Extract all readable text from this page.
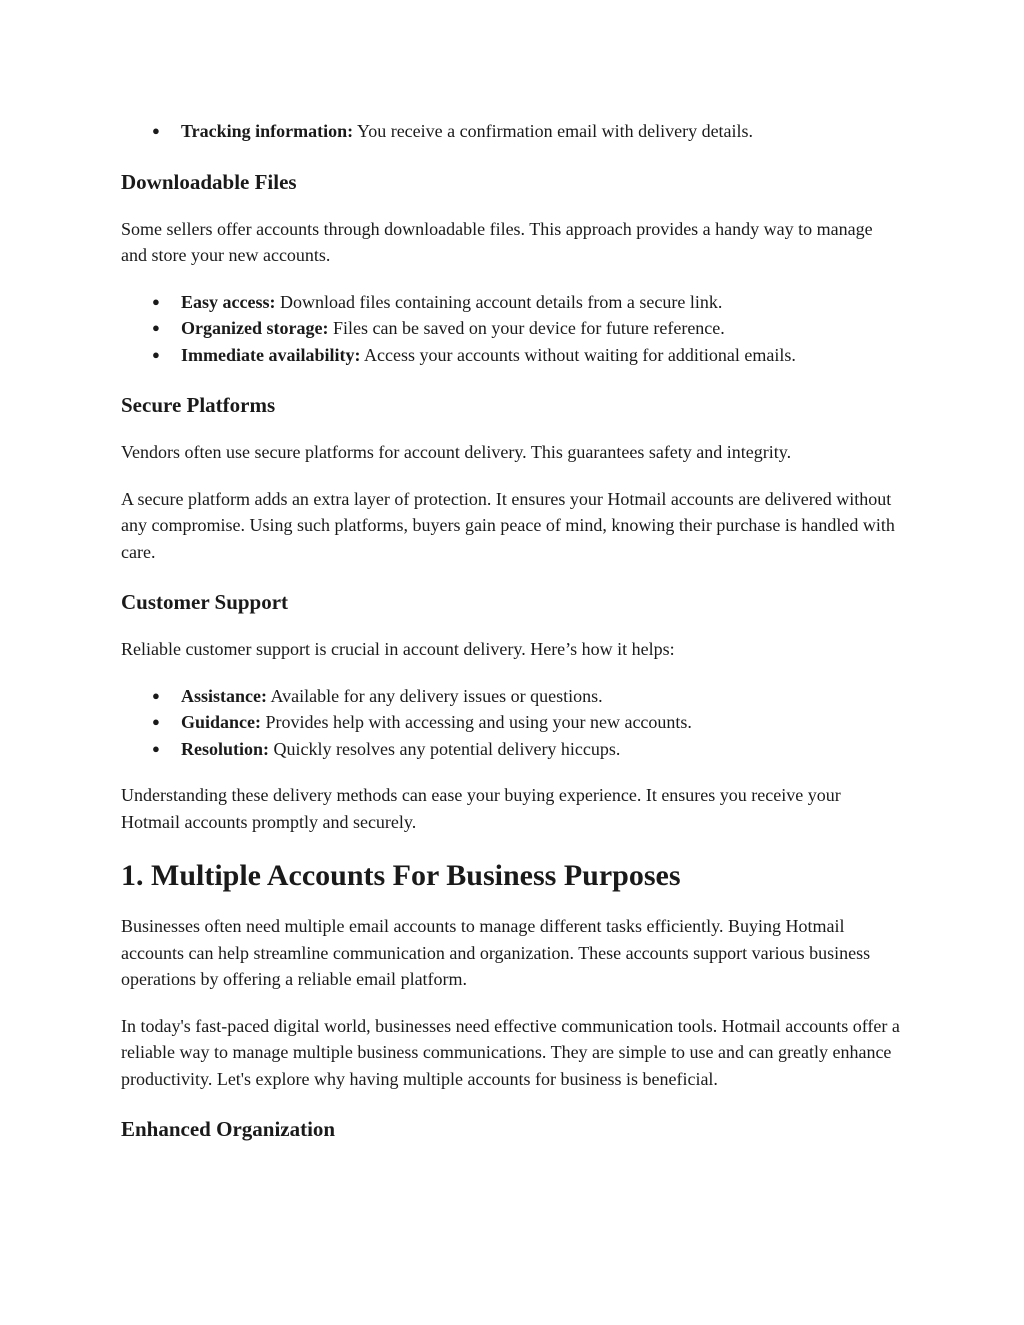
● Tracking information: You receive a confirmation email with delivery details.
Downloadable Files

Some sellers offer accounts through downloadable files. This approach provides a handy way to manage and store your new accounts.

● Easy access: Download files containing account details from a secure link.
● Organized storage: Files can be saved on your device for future reference.
● Immediate availability: Access your accounts without waiting for additional emails.
Secure Platforms

Vendors often use secure platforms for account delivery. This guarantees safety and integrity.

A secure platform adds an extra layer of protection. It ensures your Hotmail accounts are delivered without any compromise. Using such platforms, buyers gain peace of mind, knowing their purchase is handled with care.

Customer Support

Reliable customer support is crucial in account delivery. Here’s how it helps:

● Assistance: Available for any delivery issues or questions.
● Guidance: Provides help with accessing and using your new accounts.
● Resolution: Quickly resolves any potential delivery hiccups.

Understanding these delivery methods can ease your buying experience. It ensures you receive your Hotmail accounts promptly and securely.

1. Multiple Accounts For Business Purposes

Businesses often need multiple email accounts to manage different tasks efficiently. Buying Hotmail accounts can help streamline communication and organization. These accounts support various business operations by offering a reliable email platform.

In today's fast-paced digital world, businesses need effective communication tools. Hotmail accounts offer a reliable way to manage multiple business communications. They are simple to use and can greatly enhance productivity. Let's explore why having multiple accounts for business is beneficial.

Enhanced Organization
